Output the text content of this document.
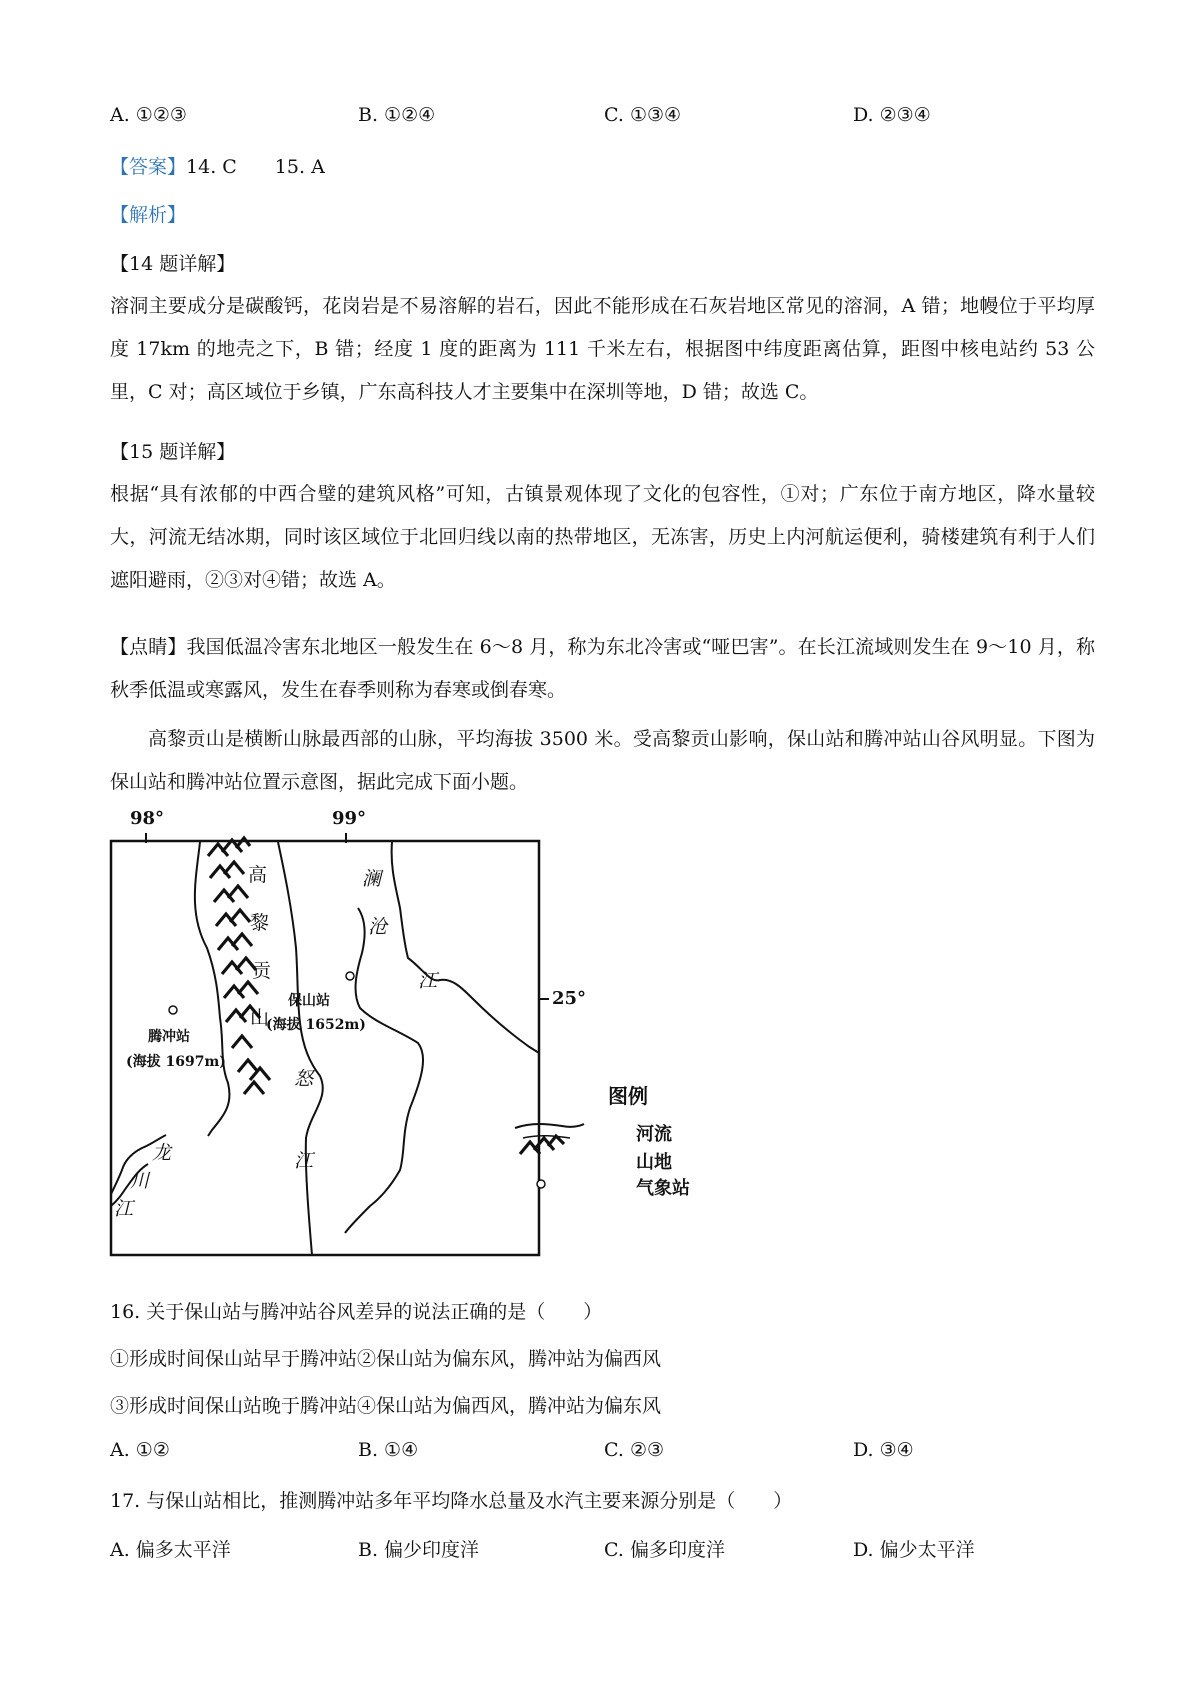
A. ①②③	B. ①②④	C. ①③④	D. ②③④
【答案】14. C　　15. A
【解析】
【14 题详解】
溶洞主要成分是碳酸钙，花岗岩是不易溶解的岩石，因此不能形成在石灰岩地区常见的溶洞，A 错；地幔位于平均厚度 17km 的地壳之下，B 错；经度 1 度的距离为 111 千米左右，根据图中纬度距离估算，距图中核电站约 53 公里，C 对；高区域位于乡镇，广东高科技人才主要集中在深圳等地，D 错；故选 C。
【15 题详解】
根据“具有浓郁的中西合璧的建筑风格”可知，古镇景观体现了文化的包容性，①对；广东位于南方地区，降水量较大，河流无结冰期，同时该区域位于北回归线以南的热带地区，无冻害，历史上内河航运便利，骑楼建筑有利于人们遮阳避雨，②③对④错；故选 A。
【点睛】我国低温冷害东北地区一般发生在 6～8 月，称为东北冷害或“哑巴害”。在长江流域则发生在 9～10 月，称秋季低温或寒露风，发生在春季则称为春寒或倒春寒。
高黎贡山是横断山脉最西部的山脉，平均海拔 3500 米。受高黎贡山影响，保山站和腾冲站山谷风明显。下图为保山站和腾冲站位置示意图，据此完成下面小题。
98°	99°
25°
高
黎
贡
山
澜
沧
江
怒
江
龙
川
江
保山站
(海拔 1652m)
腾冲站
(海拔 1697m)
图例
河流
山地
气象站
16. 关于保山站与腾冲站谷风差异的说法正确的是（　　）
①形成时间保山站早于腾冲站②保山站为偏东风，腾冲站为偏西风
③形成时间保山站晚于腾冲站④保山站为偏西风，腾冲站为偏东风
A. ①②	B. ①④	C. ②③	D. ③④
17. 与保山站相比，推测腾冲站多年平均降水总量及水汽主要来源分别是（　　）
A. 偏多太平洋	B. 偏少印度洋	C. 偏多印度洋	D. 偏少太平洋
